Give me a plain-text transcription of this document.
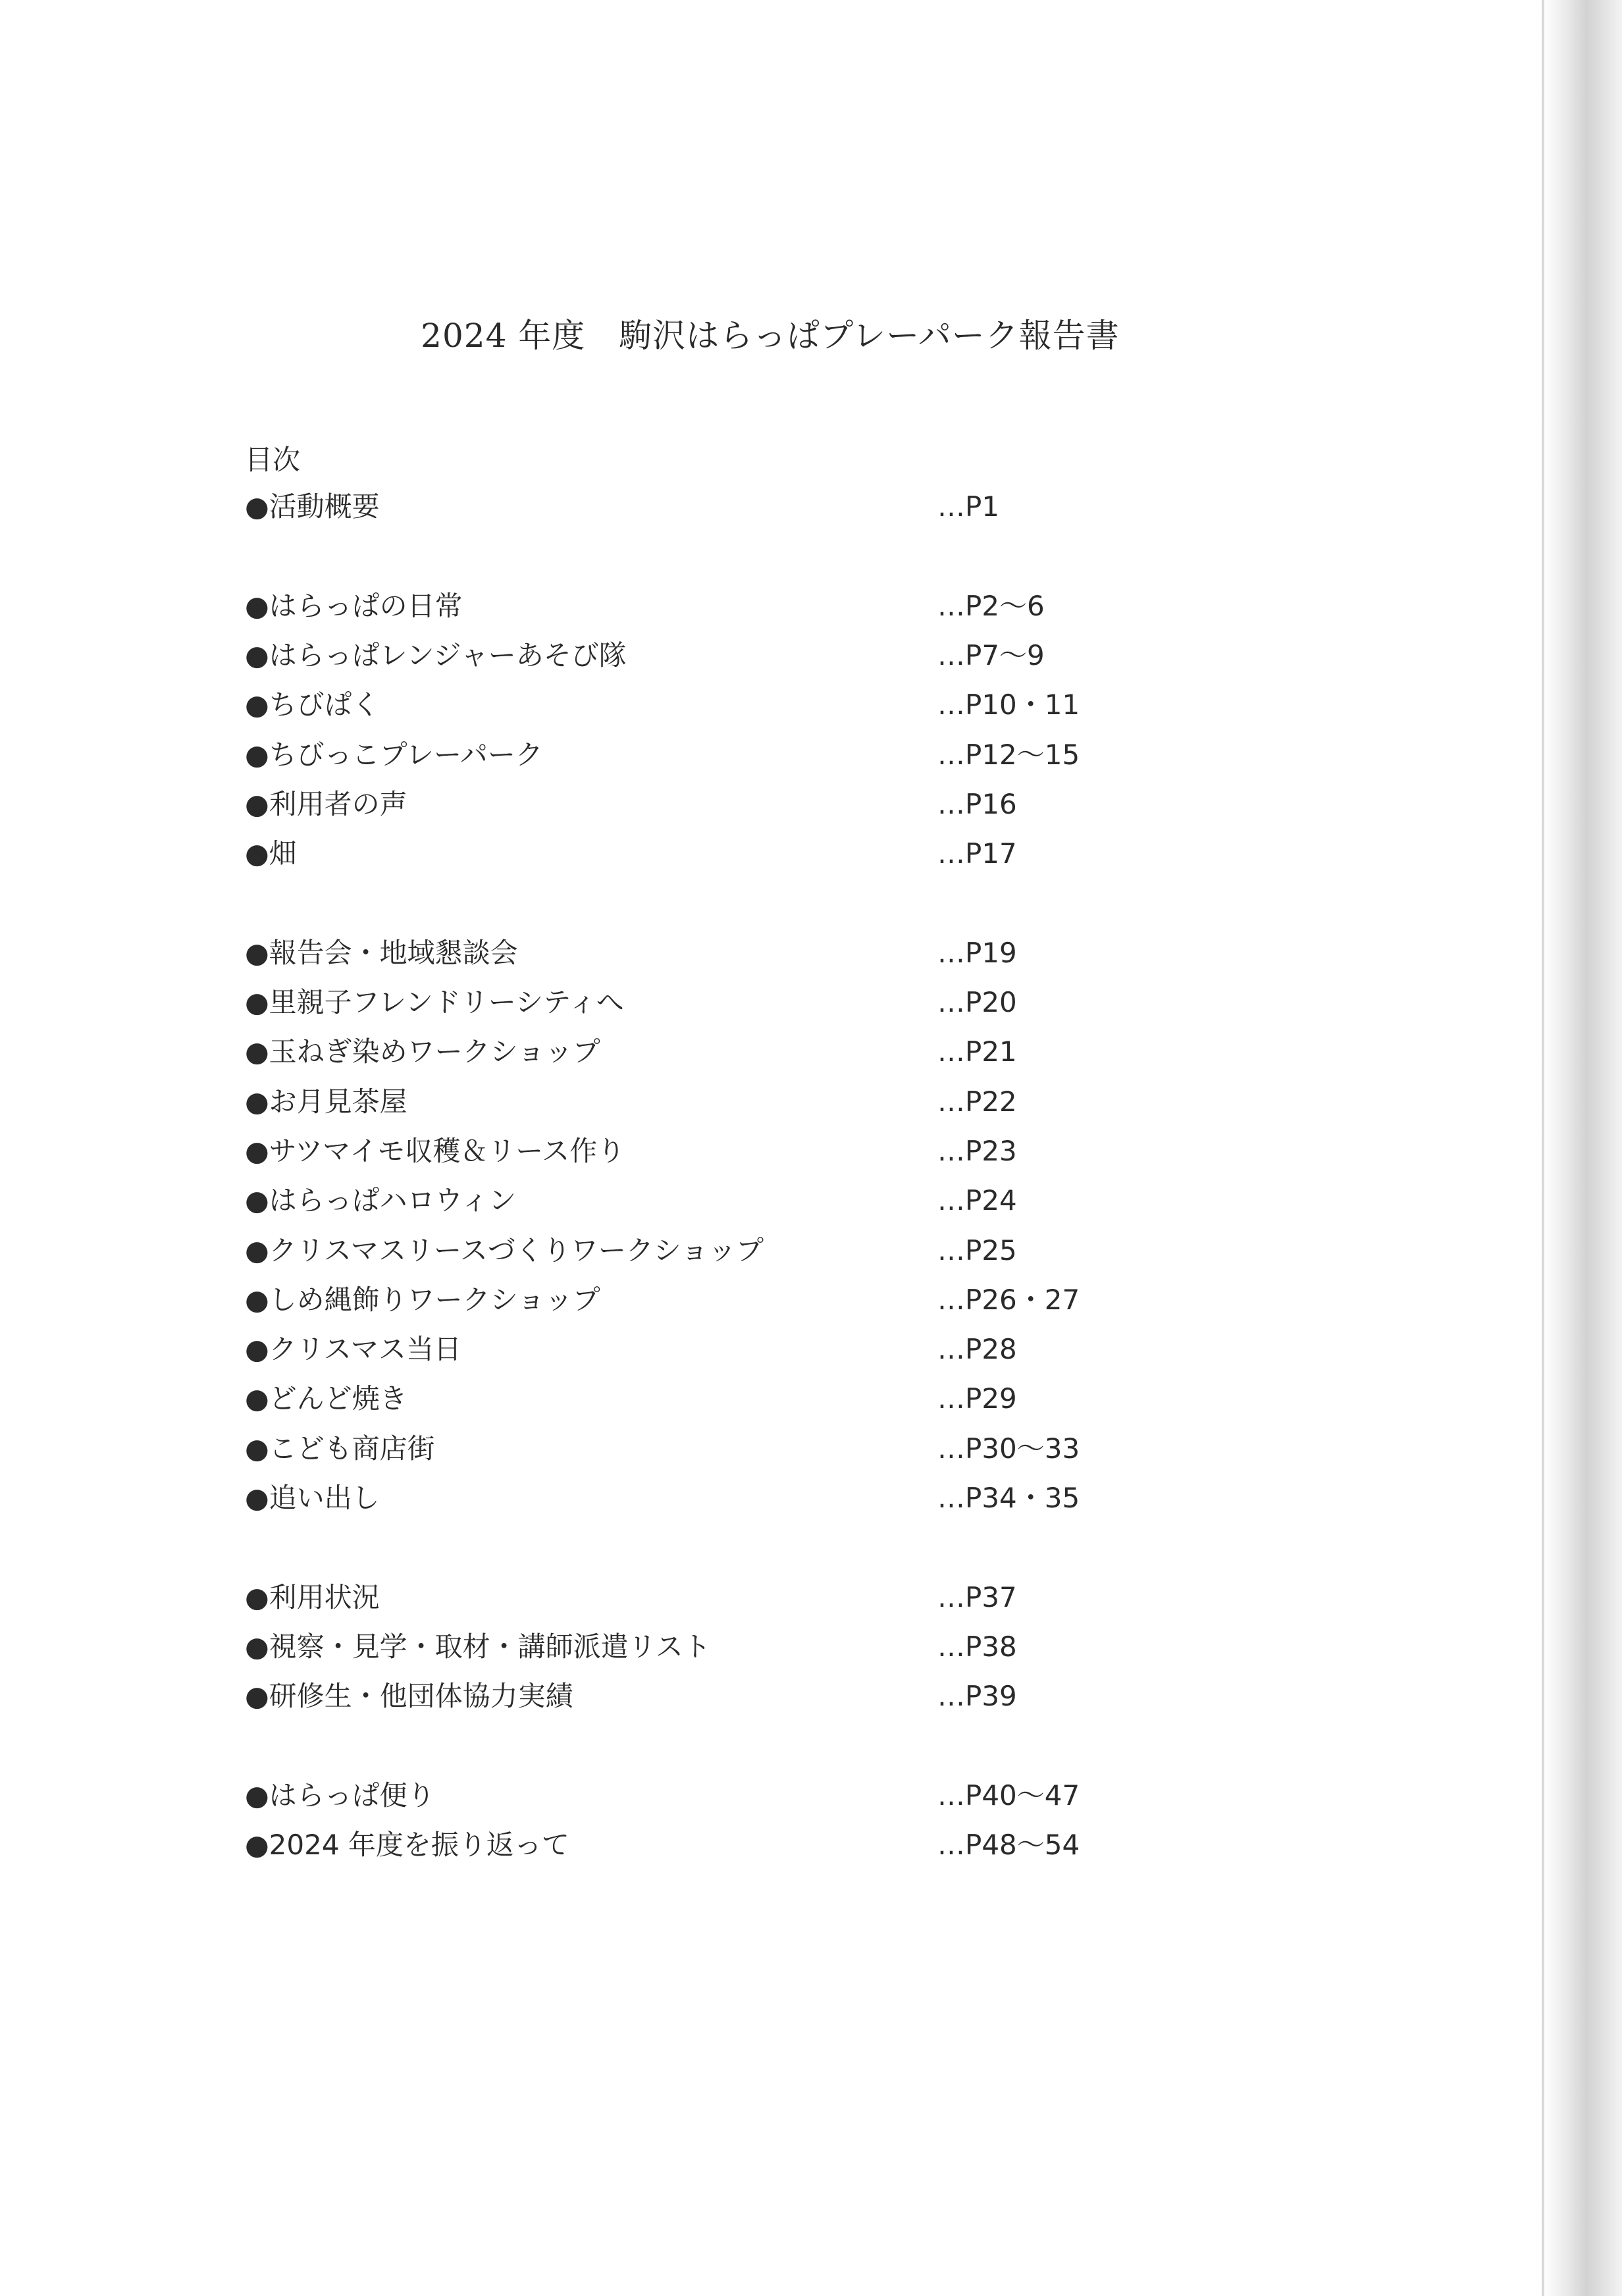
2024 年度　駒沢はらっぱプレーパーク報告書
目次
●活動概要	…P1
●はらっぱの日常	…P2～6
●はらっぱレンジャーあそび隊	…P7～9
●ちびぱく	…P10・11
●ちびっこプレーパーク	…P12～15
●利用者の声	…P16
●畑	…P17
●報告会・地域懇談会	…P19
●里親子フレンドリーシティへ	…P20
●玉ねぎ染めワークショップ	…P21
●お月見茶屋	…P22
●サツマイモ収穫＆リース作り	…P23
●はらっぱハロウィン	…P24
●クリスマスリースづくりワークショップ	…P25
●しめ縄飾りワークショップ	…P26・27
●クリスマス当日	…P28
●どんど焼き	…P29
●こども商店街	…P30～33
●追い出し	…P34・35
●利用状況	…P37
●視察・見学・取材・講師派遣リスト	…P38
●研修生・他団体協力実績	…P39
●はらっぱ便り	…P40～47
●2024 年度を振り返って	…P48～54
